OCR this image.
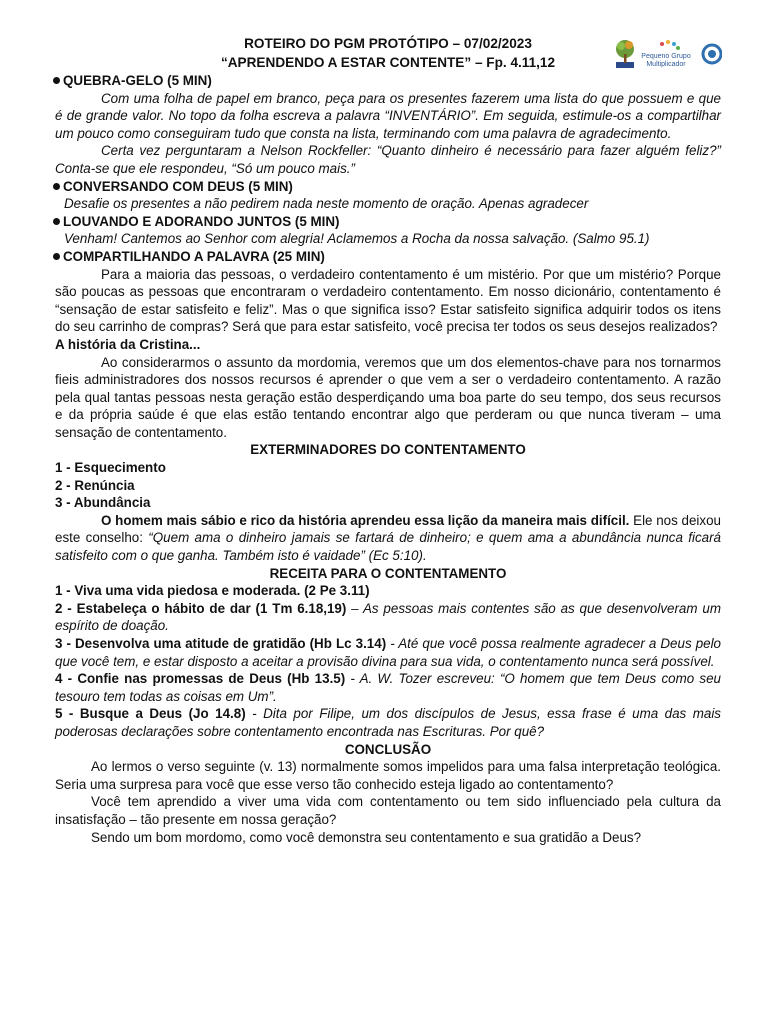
Pequeno Grupo Multiplicador
ROTEIRO DO PGM PROTÓTIPO – 07/02/2023
“APRENDENDO A ESTAR CONTENTE” – Fp. 4.11,12
QUEBRA-GELO (5 MIN)

Com uma folha de papel em branco, peça para os presentes fazerem uma lista do que possuem e que é de grande valor. No topo da folha escreva a palavra “INVENTÁRIO”. Em seguida, estimule-os a compartilhar um pouco como conseguiram tudo que consta na lista, terminando com uma palavra de agradecimento.

Certa vez perguntaram a Nelson Rockfeller: “Quanto dinheiro é necessário para fazer alguém feliz?” Conta-se que ele respondeu, “Só um pouco mais.”

CONVERSANDO COM DEUS (5 MIN)

Desafie os presentes a não pedirem nada neste momento de oração. Apenas agradecer

LOUVANDO E ADORANDO JUNTOS (5 MIN)

Venham! Cantemos ao Senhor com alegria! Aclamemos a Rocha da nossa salvação. (Salmo 95.1)

COMPARTILHANDO A PALAVRA (25 MIN)

Para a maioria das pessoas, o verdadeiro contentamento é um mistério. Por que um mistério? Porque são poucas as pessoas que encontraram o verdadeiro contentamento. Em nosso dicionário, contentamento é “sensação de estar satisfeito e feliz”. Mas o que significa isso? Estar satisfeito significa adquirir todos os itens do seu carrinho de compras? Será que para estar satisfeito, você precisa ter todos os seus desejos realizados?

A história da Cristina...

Ao considerarmos o assunto da mordomia, veremos que um dos elementos-chave para nos tornarmos fieis administradores dos nossos recursos é aprender o que vem a ser o verdadeiro contentamento. A razão pela qual tantas pessoas nesta geração estão desperdiçando uma boa parte do seu tempo, dos seus recursos e da própria saúde é que elas estão tentando encontrar algo que perderam ou que nunca tiveram – uma sensação de contentamento.

EXTERMINADORES DO CONTENTAMENTO
1 - Esquecimento
2 - Renúncia
3 - Abundância

O homem mais sábio e rico da história aprendeu essa lição da maneira mais difícil. Ele nos deixou este conselho: “Quem ama o dinheiro jamais se fartará de dinheiro; e quem ama a abundância nunca ficará satisfeito com o que ganha. Também isto é vaidade” (Ec 5:10).

RECEITA PARA O CONTENTAMENTO

1 - Viva uma vida piedosa e moderada. (2 Pe 3.11)

2 - Estabeleça o hábito de dar (1 Tm 6.18,19) – As pessoas mais contentes são as que desenvolveram um espírito de doação.

3 - Desenvolva uma atitude de gratidão (Hb Lc 3.14) - Até que você possa realmente agradecer a Deus pelo que você tem, e estar disposto a aceitar a provisão divina para sua vida, o contentamento nunca será possível.

4 - Confie nas promessas de Deus (Hb 13.5) - A. W. Tozer escreveu: “O homem que tem Deus como seu tesouro tem todas as coisas em Um”.

5 - Busque a Deus (Jo 14.8) - Dita por Filipe, um dos discípulos de Jesus, essa frase é uma das mais poderosas declarações sobre contentamento encontrada nas Escrituras. Por quê?

CONCLUSÃO

Ao lermos o verso seguinte (v. 13) normalmente somos impelidos para uma falsa interpretação teológica. Seria uma surpresa para você que esse verso tão conhecido esteja ligado ao contentamento?

Você tem aprendido a viver uma vida com contentamento ou tem sido influenciado pela cultura da insatisfação – tão presente em nossa geração?

Sendo um bom mordomo, como você demonstra seu contentamento e sua gratidão a Deus?
